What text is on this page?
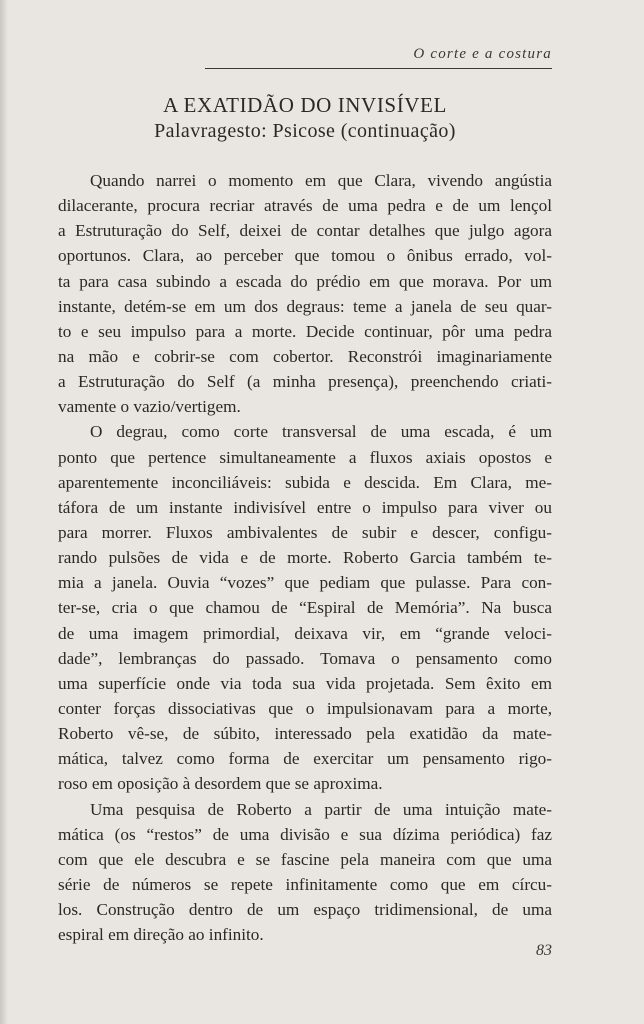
O corte e a costura
A EXATIDÃO DO INVISÍVEL
Palavragesto: Psicose (continuação)
Quando narrei o momento em que Clara, vivendo angústia
dilacerante, procura recriar através de uma pedra e de um lençol
a Estruturação do Self, deixei de contar detalhes que julgo agora
oportunos. Clara, ao perceber que tomou o ônibus errado, vol-
ta para casa subindo a escada do prédio em que morava. Por um
instante, detém-se em um dos degraus: teme a janela de seu quar-
to e seu impulso para a morte. Decide continuar, pôr uma pedra
na mão e cobrir-se com cobertor. Reconstrói imaginariamente
a Estruturação do Self (a minha presença), preenchendo criati-
vamente o vazio/vertigem.
O degrau, como corte transversal de uma escada, é um
ponto que pertence simultaneamente a fluxos axiais opostos e
aparentemente inconciliáveis: subida e descida. Em Clara, me-
táfora de um instante indivisível entre o impulso para viver ou
para morrer. Fluxos ambivalentes de subir e descer, configu-
rando pulsões de vida e de morte. Roberto Garcia também te-
mia a janela. Ouvia “vozes” que pediam que pulasse. Para con-
ter-se, cria o que chamou de “Espiral de Memória”. Na busca
de uma imagem primordial, deixava vir, em “grande veloci-
dade”, lembranças do passado. Tomava o pensamento como
uma superfície onde via toda sua vida projetada. Sem êxito em
conter forças dissociativas que o impulsionavam para a morte,
Roberto vê-se, de súbito, interessado pela exatidão da mate-
mática, talvez como forma de exercitar um pensamento rigo-
roso em oposição à desordem que se aproxima.
Uma pesquisa de Roberto a partir de uma intuição mate-
mática (os “restos” de uma divisão e sua dízima periódica) faz
com que ele descubra e se fascine pela maneira com que uma
série de números se repete infinitamente como que em círcu-
los. Construção dentro de um espaço tridimensional, de uma
espiral em direção ao infinito.
83
